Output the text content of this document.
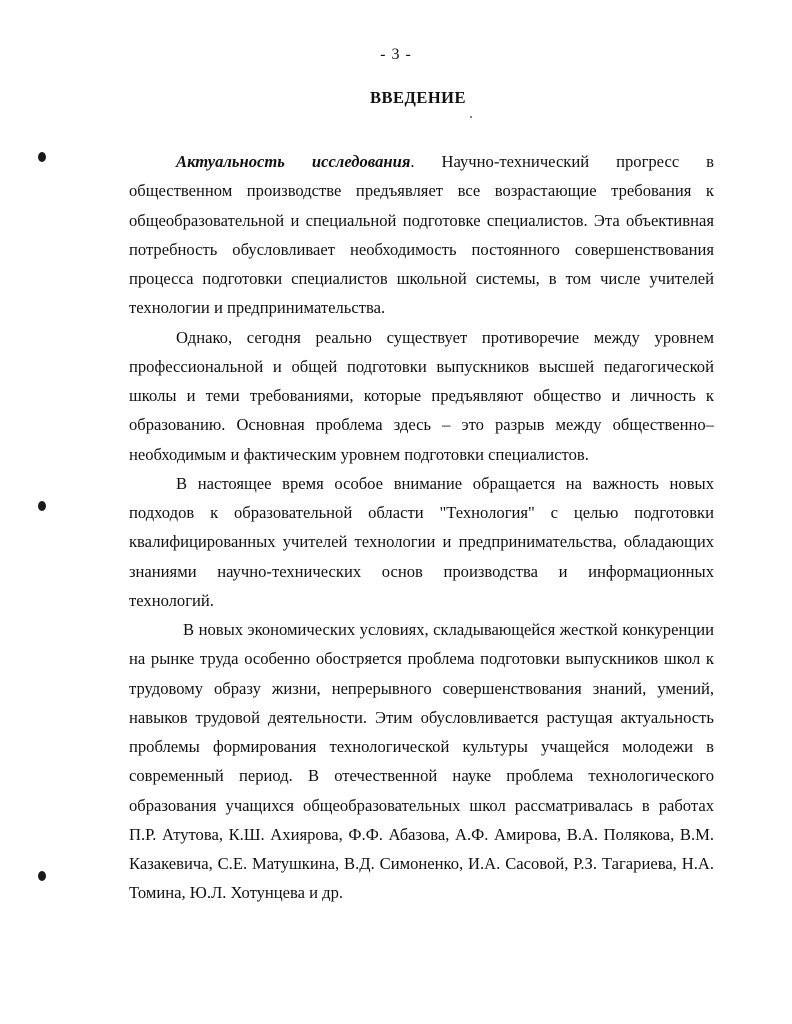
- 3 -
ВВЕДЕНИЕ

Актуальность исследования. Научно-технический прогресс в общественном производстве предъявляет все возрастающие требования к общеобразовательной и специальной подготовке специалистов. Эта объективная потребность обусловливает необходимость постоянного совершенствования процесса подготовки специалистов школьной системы, в том числе учителей технологии и предпринимательства.

Однако, сегодня реально существует противоречие между уровнем профессиональной и общей подготовки выпускников высшей педагогической школы и теми требованиями, которые предъявляют общество и личность к образованию. Основная проблема здесь – это разрыв между общественно–необходимым и фактическим уровнем подготовки специалистов.

В настоящее время особое внимание обращается на важность новых подходов к образовательной области "Технология" с целью подготовки квалифицированных учителей технологии и предпринимательства, обладающих знаниями научно-технических основ производства и информационных технологий.

В новых экономических условиях, складывающейся жесткой конкуренции на рынке труда особенно обостряется проблема подготовки выпускников школ к трудовому образу жизни, непрерывного совершенствования знаний, умений, навыков трудовой деятельности. Этим обусловливается растущая актуальность проблемы формирования технологической культуры учащейся молодежи в современный период. В отечественной науке проблема технологического образования учащихся общеобразовательных школ рассматривалась в работах П.Р. Атутова, К.Ш. Ахиярова, Ф.Ф. Абазова, А.Ф. Амирова, В.А. Полякова, В.М. Казакевича, С.Е. Матушкина, В.Д. Симоненко, И.А. Сасовой, Р.З. Тагариева, Н.А. Томина, Ю.Л. Хотунцева и др.
